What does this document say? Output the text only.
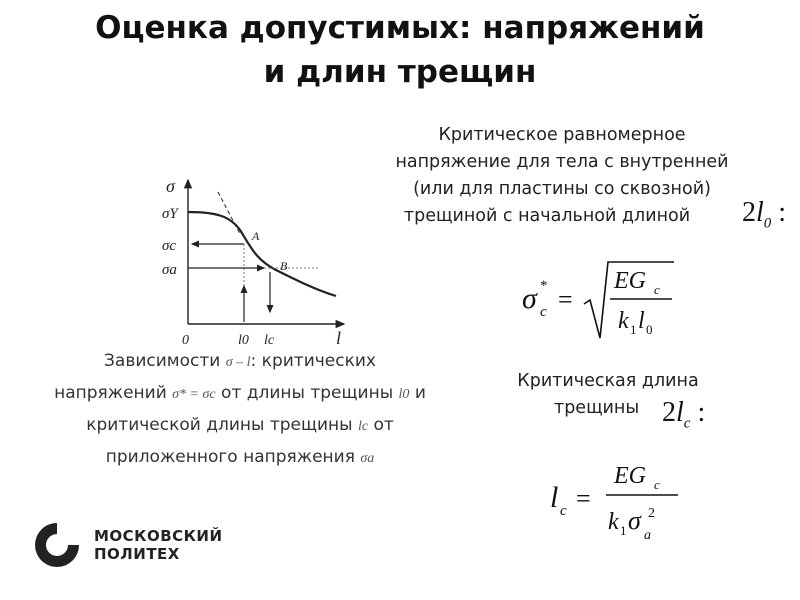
Оценка допустимых: напряжений
и длин трещин
Критическое равномерное
напряжение для тела с внутренней
(или для пластины со сквозной)
трещиной с начальной длиной	$2l_0$ :
σ c
* =
EG c
k 1 l 0
Критическая длина
трещины $2l_c$ :
l c =
EG c
k 1 σ
a
2
σ
l
0
σY
σc
σa
l0 lc
A
B
Зависимости σ – l: критических
напряжений σ* = σc от длины трещины l0 и
критической длины трещины lc от
приложенного напряжения σa
МОСКОВСКИЙ
ПОЛИТЕХ
